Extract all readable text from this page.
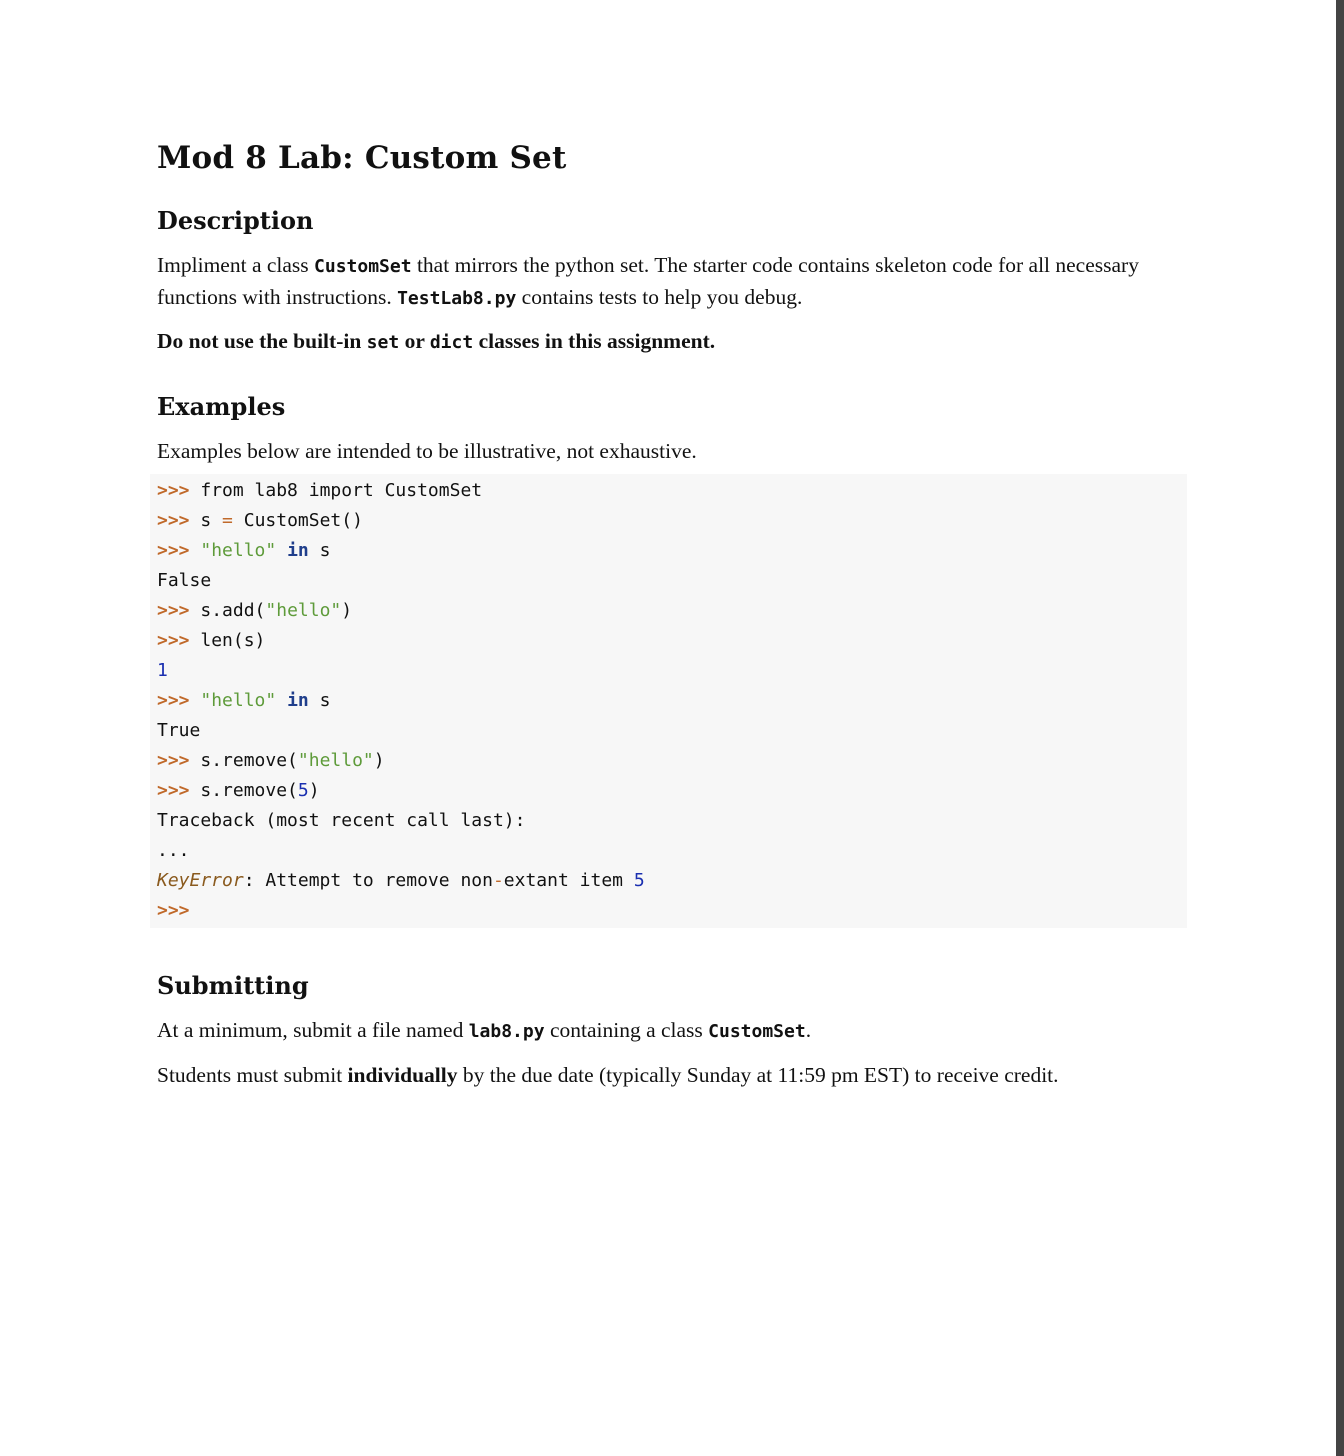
Mod 8 Lab: Custom Set
Description

Impliment a class CustomSet that mirrors the python set. The starter code contains skeleton code for all necessary functions with instructions. TestLab8.py contains tests to help you debug.

Do not use the built-in set or dict classes in this assignment.

Examples

Examples below are intended to be illustrative, not exhaustive.

>>> from lab8 import CustomSet
>>> s = CustomSet()
>>> "hello" in s
False
>>> s.add("hello")
>>> len(s)
1
>>> "hello" in s
True
>>> s.remove("hello")
>>> s.remove(5)
Traceback (most recent call last):
...
KeyError: Attempt to remove non-extant item 5
>>>
Submitting

At a minimum, submit a file named lab8.py containing a class CustomSet.

Students must submit individually by the due date (typically Sunday at 11:59 pm EST) to receive credit.
